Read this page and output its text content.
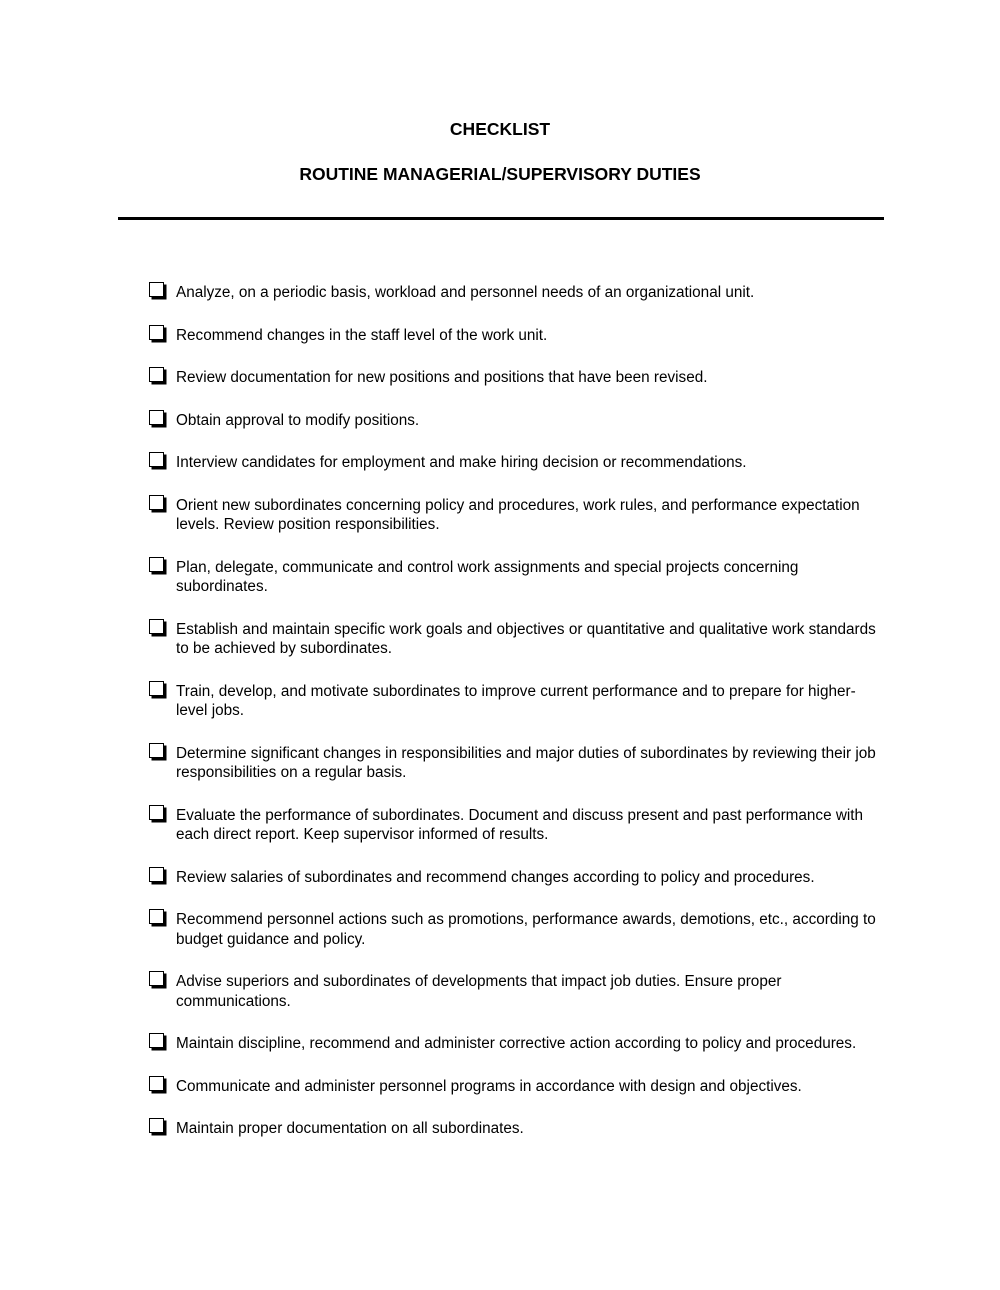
CHECKLIST
ROUTINE MANAGERIAL/SUPERVISORY DUTIES
Analyze, on a periodic basis, workload and personnel needs of an organizational unit.
Recommend changes in the staff level of the work unit.
Review documentation for new positions and positions that have been revised.
Obtain approval to modify positions.
Interview candidates for employment and make hiring decision or recommendations.
Orient new subordinates concerning policy and procedures, work rules, and performance expectation levels. Review position responsibilities.
Plan, delegate, communicate and control work assignments and special projects concerning subordinates.
Establish and maintain specific work goals and objectives or quantitative and qualitative work standards to be achieved by subordinates.
Train, develop, and motivate subordinates to improve current performance and to prepare for higher- level jobs.
Determine significant changes in responsibilities and major duties of subordinates by reviewing their job responsibilities on a regular basis.
Evaluate the performance of subordinates. Document and discuss present and past performance with each direct report. Keep supervisor informed of results.
Review salaries of subordinates and recommend changes according to policy and procedures.
Recommend personnel actions such as promotions, performance awards, demotions, etc., according to budget guidance and policy.
Advise superiors and subordinates of developments that impact job duties. Ensure proper communications.
Maintain discipline, recommend and administer corrective action according to policy and procedures.
Communicate and administer personnel programs in accordance with design and objectives.
Maintain proper documentation on all subordinates.
